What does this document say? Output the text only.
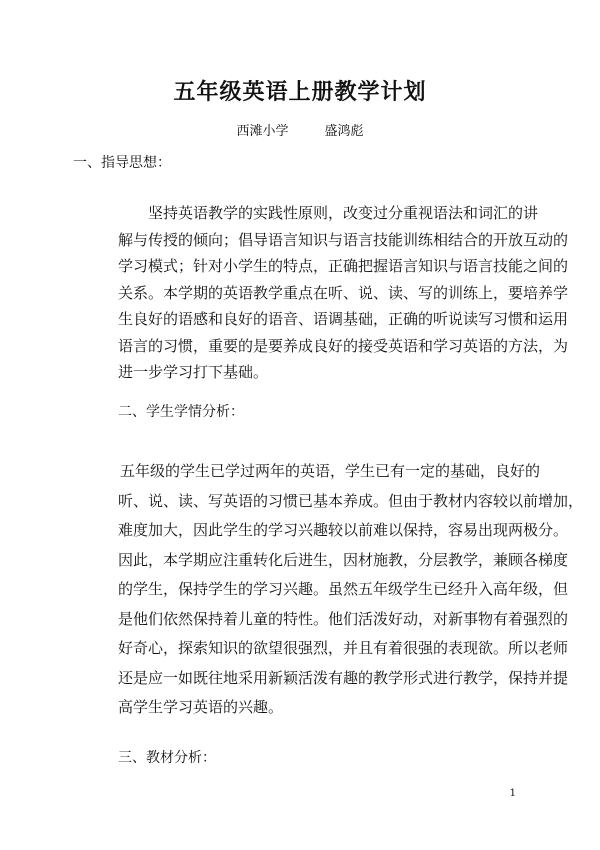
五年级英语上册教学计划
西滩小学	盛鸿彪
一、指导思想：
坚持英语教学的实践性原则，改变过分重视语法和词汇的讲
解与传授的倾向；倡导语言知识与语言技能训练相结合的开放互动的
学习模式；针对小学生的特点，正确把握语言知识与语言技能之间的
关系。本学期的英语教学重点在听、说、读、写的训练上，要培养学
生良好的语感和良好的语音、语调基础，正确的听说读写习惯和运用
语言的习惯，重要的是要养成良好的接受英语和学习英语的方法，为
进一步学习打下基础。
二、学生学情分析：
五年级的学生已学过两年的英语，学生已有一定的基础，良好的
听、说、读、写英语的习惯已基本养成。但由于教材内容较以前增加，
难度加大，因此学生的学习兴趣较以前难以保持，容易出现两极分。
因此，本学期应注重转化后进生，因材施教，分层教学，兼顾各梯度
的学生，保持学生的学习兴趣。虽然五年级学生已经升入高年级，但
是他们依然保持着儿童的特性。他们活泼好动，对新事物有着强烈的
好奇心，探索知识的欲望很强烈，并且有着很强的表现欲。所以老师
还是应一如既往地采用新颖活泼有趣的教学形式进行教学，保持并提
高学生学习英语的兴趣。
三、教材分析：
1
